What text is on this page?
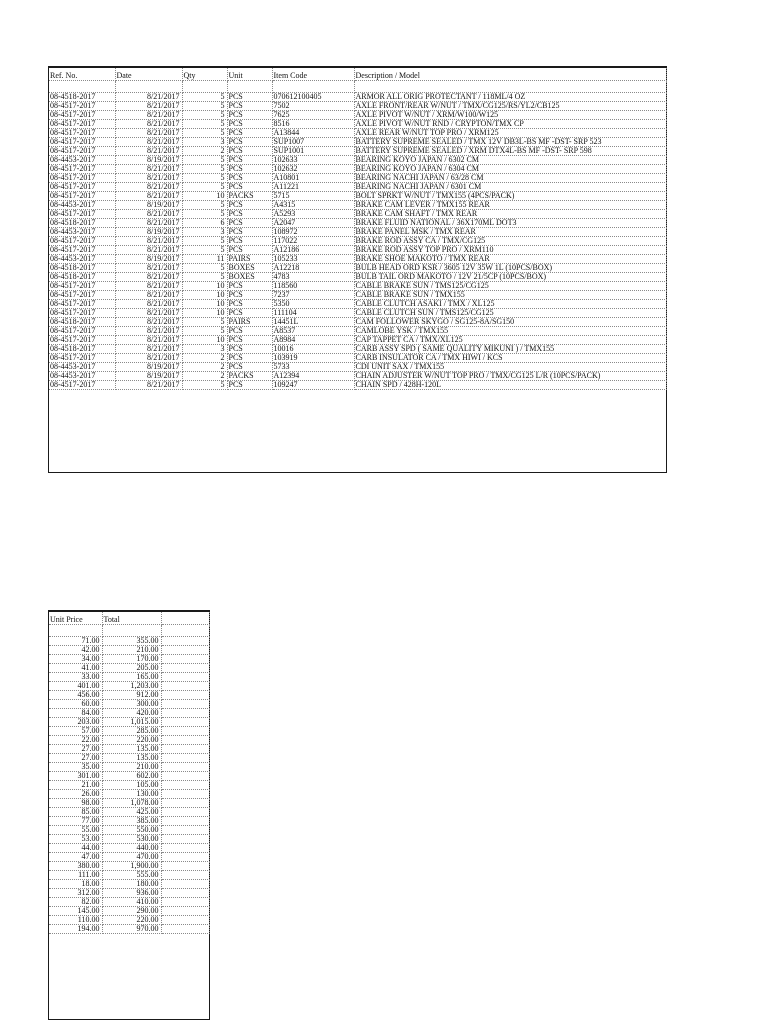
Ref. No.	Date	Qty	Unit	Item Code	Description / Model

08-4518-2017	8/21/2017	5	PCS	070612100405	ARMOR ALL ORIG PROTECTANT / 118ML/4 OZ
08-4517-2017	8/21/2017	5	PCS	7502	AXLE FRONT/REAR W/NUT / TMX/CG125/RS/YL2/CB125
08-4517-2017	8/21/2017	5	PCS	7625	AXLE PIVOT W/NUT / XRM/W100/W125
08-4517-2017	8/21/2017	5	PCS	8516	AXLE PIVOT W/NUT RND / CRYPTON/TMX CP
08-4517-2017	8/21/2017	5	PCS	A13844	AXLE REAR W/NUT TOP PRO / XRM125
08-4517-2017	8/21/2017	3	PCS	SUP1007	BATTERY SUPREME SEALED / TMX 12V DB3L-BS MF -DST- SRP 523
08-4517-2017	8/21/2017	2	PCS	SUP1001	BATTERY SUPREME SEALED / XRM DTX4L-BS MF -DST- SRP 598
08-4453-2017	8/19/2017	5	PCS	102633	BEARING KOYO JAPAN / 6302 CM
08-4517-2017	8/21/2017	5	PCS	102632	BEARING KOYO JAPAN / 6304 CM
08-4517-2017	8/21/2017	5	PCS	A10801	BEARING NACHI JAPAN / 63/28 CM
08-4517-2017	8/21/2017	5	PCS	A11221	BEARING NACHI JAPAN / 6301 CM
08-4517-2017	8/21/2017	10	PACKS	5715	BOLT SPRKT W/NUT / TMX155 (4PCS/PACK)
08-4453-2017	8/19/2017	5	PCS	A4315	BRAKE CAM LEVER / TMX155 REAR
08-4517-2017	8/21/2017	5	PCS	A5293	BRAKE CAM SHAFT / TMX REAR
08-4518-2017	8/21/2017	6	PCS	A2047	BRAKE FLUID NATIONAL / 36X170ML DOT3
08-4453-2017	8/19/2017	3	PCS	108972	BRAKE PANEL MSK / TMX REAR
08-4517-2017	8/21/2017	5	PCS	117022	BRAKE ROD ASSY CA / TMX/CG125
08-4517-2017	8/21/2017	5	PCS	A12186	BRAKE ROD ASSY TOP PRO / XRM110
08-4453-2017	8/19/2017	11	PAIRS	105233	BRAKE SHOE MAKOTO / TMX REAR
08-4518-2017	8/21/2017	5	BOXES	A12218	BULB HEAD ORD KSR / 3605 12V 35W 1L (10PCS/BOX)
08-4518-2017	8/21/2017	5	BOXES	4783	BULB TAIL ORD MAKOTO / 12V 21/5CP (10PCS/BOX)
08-4517-2017	8/21/2017	10	PCS	118560	CABLE BRAKE SUN / TMS125/CG125
08-4517-2017	8/21/2017	10	PCS	7237	CABLE BRAKE SUN / TMX155
08-4517-2017	8/21/2017	10	PCS	5350	CABLE CLUTCH ASAKI / TMX / XL125
08-4517-2017	8/21/2017	10	PCS	111104	CABLE CLUTCH SUN / TMS125/CG125
08-4518-2017	8/21/2017	5	PAIRS	14451L	CAM FOLLOWER SKYGO / SG125-8A/SG150
08-4517-2017	8/21/2017	5	PCS	A8537	CAMLOBE YSK / TMX155
08-4517-2017	8/21/2017	10	PCS	A8984	CAP TAPPET CA / TMX/XL125
08-4518-2017	8/21/2017	3	PCS	10016	CARB ASSY SPD ( SAME QUALITY MIKUNI ) / TMX155
08-4517-2017	8/21/2017	2	PCS	103919	CARB INSULATOR CA / TMX HIWI / KCS
08-4453-2017	8/19/2017	2	PCS	5733	CDI UNIT SAX / TMX155
08-4453-2017	8/19/2017	2	PACKS	A12394	CHAIN ADJUSTER W/NUT TOP PRO / TMX/CG125 L/R (10PCS/PACK)
08-4517-2017	8/21/2017	5	PCS	109247	CHAIN SPD / 428H-120L
Unit Price	Total	

71.00	355.00	
42.00	210.00	
34.00	170.00	
41.00	205.00	
33.00	165.00	
401.00	1,203.00	
456.00	912.00	
60.00	300.00	
84.00	420.00	
203.00	1,015.00	
57.00	285.00	
22.00	220.00	
27.00	135.00	
27.00	135.00	
35.00	210.00	
301.00	602.00	
21.00	105.00	
26.00	130.00	
98.00	1,078.00	
85.00	425.00	
77.00	385.00	
55.00	550.00	
53.00	530.00	
44.00	440.00	
47.00	470.00	
380.00	1,900.00	
111.00	555.00	
18.00	180.00	
312.00	936.00	
82.00	410.00	
145.00	290.00	
110.00	220.00	
194.00	970.00	
